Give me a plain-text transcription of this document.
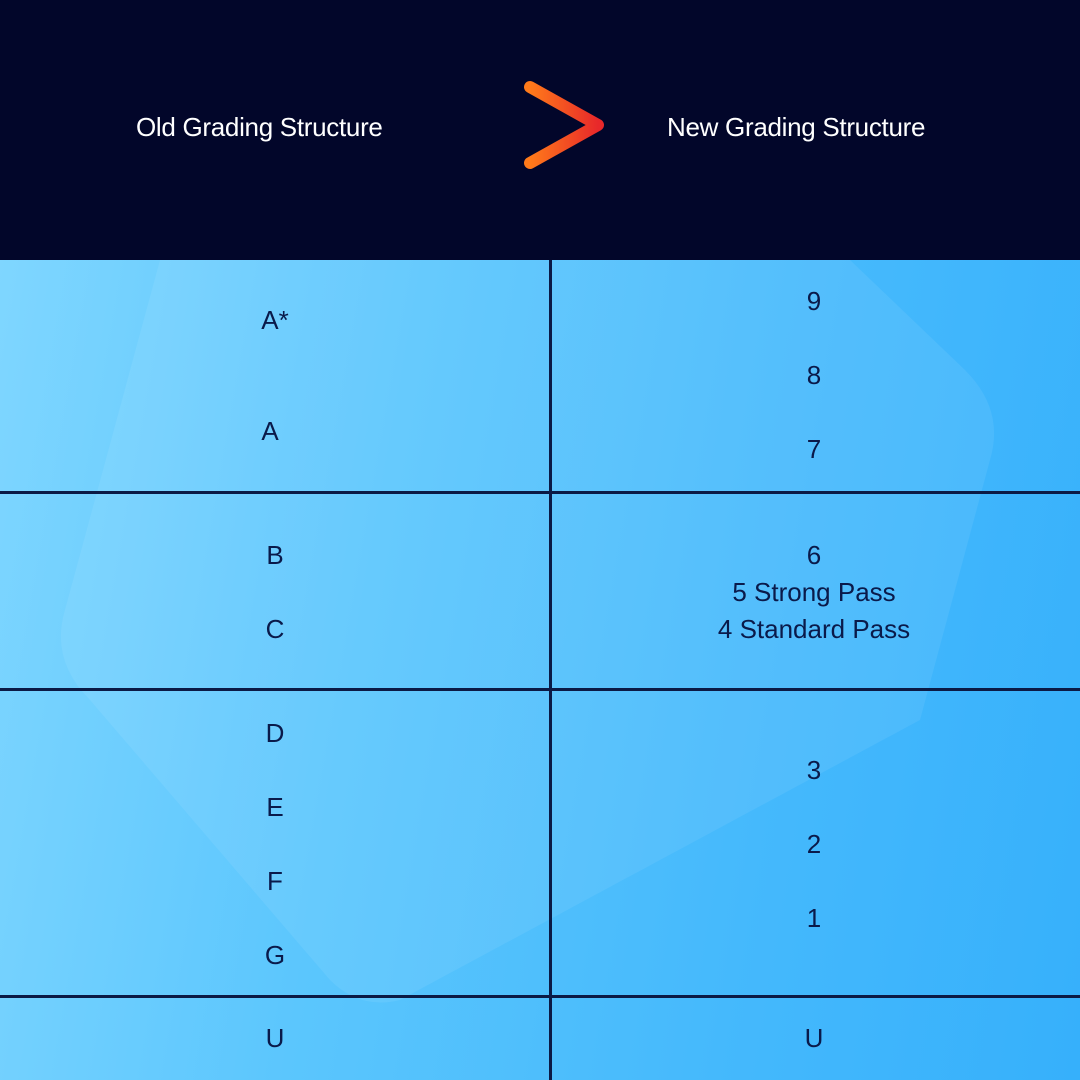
Old Grading Structure	New Grading Structure
A*
A
9
8
7
B
C
6
5 Strong Pass
4 Standard Pass
D
E
F
G
3
2
1
U	U
